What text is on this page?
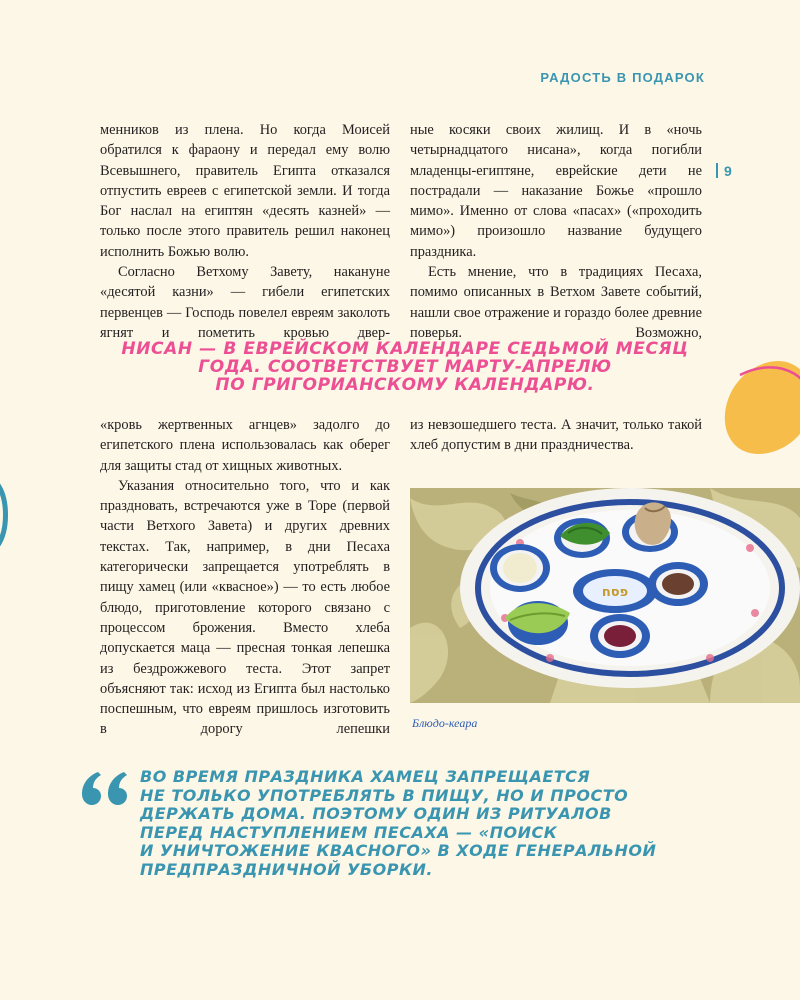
РАДОСТЬ В ПОДАРОК
9

менников из плена. Но когда Моисей обратился к фараону и передал ему волю Всевышнего, правитель Египта отказался отпустить евреев с египетской земли. И тогда Бог наслал на египтян «десять казней» — только после этого правитель решил наконец исполнить Божью волю.

Согласно Ветхому Завету, накануне «десятой казни» — гибели египетских первенцев — Господь повелел евреям заколоть ягнят и пометить кровью двер-

ные косяки своих жилищ. И в «ночь четырнадцатого нисана», когда погибли младенцы-египтяне, еврейские дети не пострадали — наказание Божье «прошло мимо». Именно от слова «пасах» («проходить мимо») произошло название будущего праздника.

Есть мнение, что в традициях Песаха, помимо описанных в Ветхом Завете событий, нашли свое отражение и гораздо более древние поверья. Возможно,

НИСАН — В ЕВРЕЙСКОМ КАЛЕНДАРЕ СЕДЬМОЙ МЕСЯЦ
ГОДА. СООТВЕТСТВУЕТ МАРТУ-АПРЕЛЮ
ПО ГРИГОРИАНСКОМУ КАЛЕНДАРЮ.

«кровь жертвенных агнцев» задолго до египетского плена использовалась как оберег для защиты стад от хищных животных.

Указания относительно того, что и как праздновать, встречаются уже в Торе (первой части Ветхого Завета) и других древних текстах. Так, например, в дни Песаха категорически запрещается употреблять в пищу хамец (или «квасное») — то есть любое блюдо, приготовление которого связано с процессом брожения. Вместо хлеба допускается маца — пресная тонкая лепешка из бездрожжевого теста. Этот запрет объясняют так: исход из Египта был настолько поспешным, что евреям пришлось изготовить в дорогу лепешки

из невзошедшего теста. А значит, только такой хлеб допустим в дни праздничества.

פסח
Блюдо-кеара
ВО ВРЕМЯ ПРАЗДНИКА ХАМЕЦ ЗАПРЕЩАЕТСЯ
НЕ ТОЛЬКО УПОТРЕБЛЯТЬ В ПИЩУ, НО И ПРОСТО
ДЕРЖАТЬ ДОМА. ПОЭТОМУ ОДИН ИЗ РИТУАЛОВ
ПЕРЕД НАСТУПЛЕНИЕМ ПЕСАХА — «ПОИСК
И УНИЧТОЖЕНИЕ КВАСНОГО» В ХОДЕ ГЕНЕРАЛЬНОЙ
ПРЕДПРАЗДНИЧНОЙ УБОРКИ.
